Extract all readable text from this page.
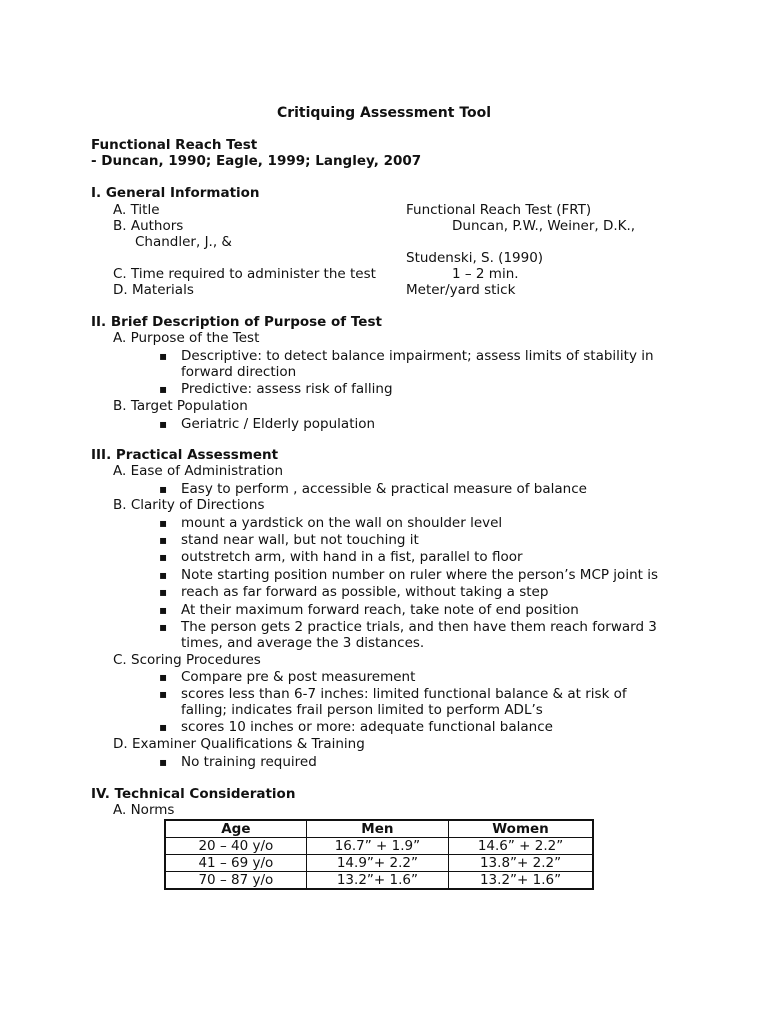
Critiquing Assessment Tool
Functional Reach Test
- Duncan, 1990; Eagle, 1999; Langley, 2007
I. General Information
A. Title	Functional Reach Test (FRT)
B. Authors	Duncan, P.W., Weiner, D.K.,
Chandler, J., &
Studenski, S. (1990)
C. Time required to administer the test	1 – 2 min.
D. Materials	Meter/yard stick
II. Brief Description of Purpose of Test
A. Purpose of the Test
▪ Descriptive: to detect balance impairment; assess limits of stability in
forward direction
▪ Predictive: assess risk of falling
B. Target Population
▪ Geriatric / Elderly population
III. Practical Assessment
A. Ease of Administration
▪ Easy to perform , accessible & practical measure of balance
B. Clarity of Directions
▪ mount a yardstick on the wall on shoulder level
▪ stand near wall, but not touching it
▪ outstretch arm, with hand in a fist, parallel to floor
▪ Note starting position number on ruler where the person’s MCP joint is
▪ reach as far forward as possible, without taking a step
▪ At their maximum forward reach, take note of end position
▪ The person gets 2 practice trials, and then have them reach forward 3
times, and average the 3 distances.
C. Scoring Procedures
▪ Compare pre & post measurement
▪ scores less than 6-7 inches: limited functional balance & at risk of
falling; indicates frail person limited to perform ADL’s
▪ scores 10 inches or more: adequate functional balance
D. Examiner Qualifications & Training
▪ No training required
IV. Technical Consideration
A. Norms
Age	Men	Women
20 – 40 y/o	16.7” + 1.9”	14.6” + 2.2”
41 – 69 y/o	14.9”+ 2.2”	13.8”+ 2.2”
70 – 87 y/o	13.2”+ 1.6”	13.2”+ 1.6”
